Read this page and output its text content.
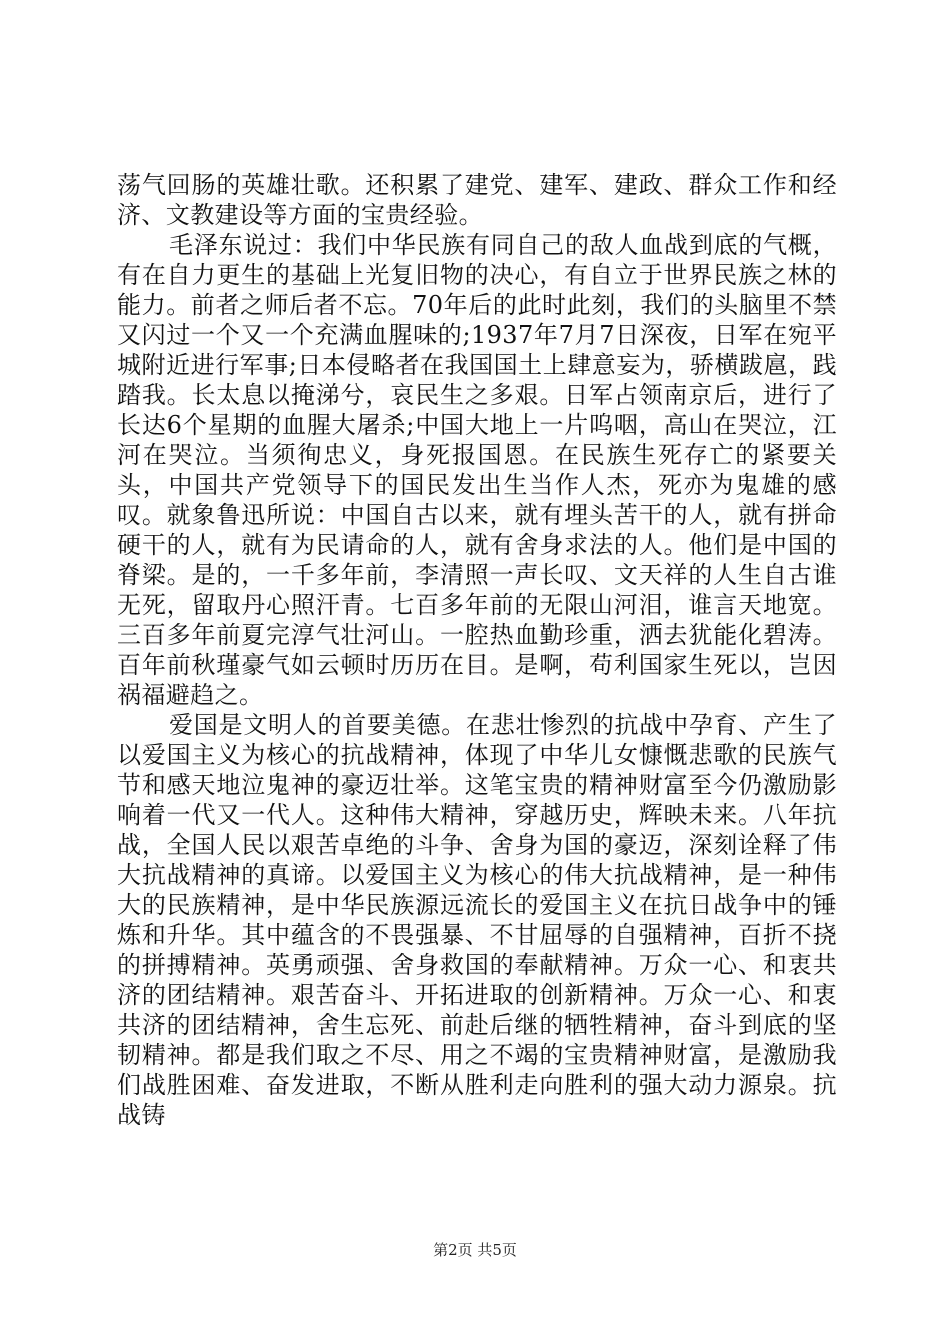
荡气回肠的英雄壮歌。还积累了建党、建军、建政、群众工作和经济、文教建设等方面的宝贵经验。

毛泽东说过：我们中华民族有同自己的敌人血战到底的气概，有在自力更生的基础上光复旧物的决心，有自立于世界民族之林的能力。前者之师后者不忘。70年后的此时此刻，我们的头脑里不禁又闪过一个又一个充满血腥味的;1937年7月7日深夜，日军在宛平城附近进行军事;日本侵略者在我国国土上肆意妄为，骄横跋扈，践踏我。长太息以掩涕兮，哀民生之多艰。日军占领南京后，进行了长达6个星期的血腥大屠杀;中国大地上一片呜咽，高山在哭泣，江河在哭泣。当须徇忠义，身死报国恩。在民族生死存亡的紧要关头，中国共产党领导下的国民发出生当作人杰，死亦为鬼雄的感叹。就象鲁迅所说：中国自古以来，就有埋头苦干的人，就有拼命硬干的人，就有为民请命的人，就有舍身求法的人。他们是中国的脊梁。是的，一千多年前，李清照一声长叹、文天祥的人生自古谁无死，留取丹心照汗青。七百多年前的无限山河泪，谁言天地宽。三百多年前夏完淳气壮河山。一腔热血勤珍重，洒去犹能化碧涛。百年前秋瑾豪气如云顿时历历在目。是啊，苟利国家生死以，岂因祸福避趋之。

爱国是文明人的首要美德。在悲壮惨烈的抗战中孕育、产生了以爱国主义为核心的抗战精神，体现了中华儿女慷慨悲歌的民族气节和感天地泣鬼神的豪迈壮举。这笔宝贵的精神财富至今仍激励影响着一代又一代人。这种伟大精神，穿越历史，辉映未来。八年抗战，全国人民以艰苦卓绝的斗争、舍身为国的豪迈，深刻诠释了伟大抗战精神的真谛。以爱国主义为核心的伟大抗战精神，是一种伟大的民族精神，是中华民族源远流长的爱国主义在抗日战争中的锤炼和升华。其中蕴含的不畏强暴、不甘屈辱的自强精神，百折不挠的拼搏精神。英勇顽强、舍身救国的奉献精神。万众一心、和衷共济的团结精神。艰苦奋斗、开拓进取的创新精神。万众一心、和衷共济的团结精神，舍生忘死、前赴后继的牺牲精神，奋斗到底的坚韧精神。都是我们取之不尽、用之不竭的宝贵精神财富，是激励我们战胜困难、奋发进取，不断从胜利走向胜利的强大动力源泉。抗战铸

第2页 共5页
